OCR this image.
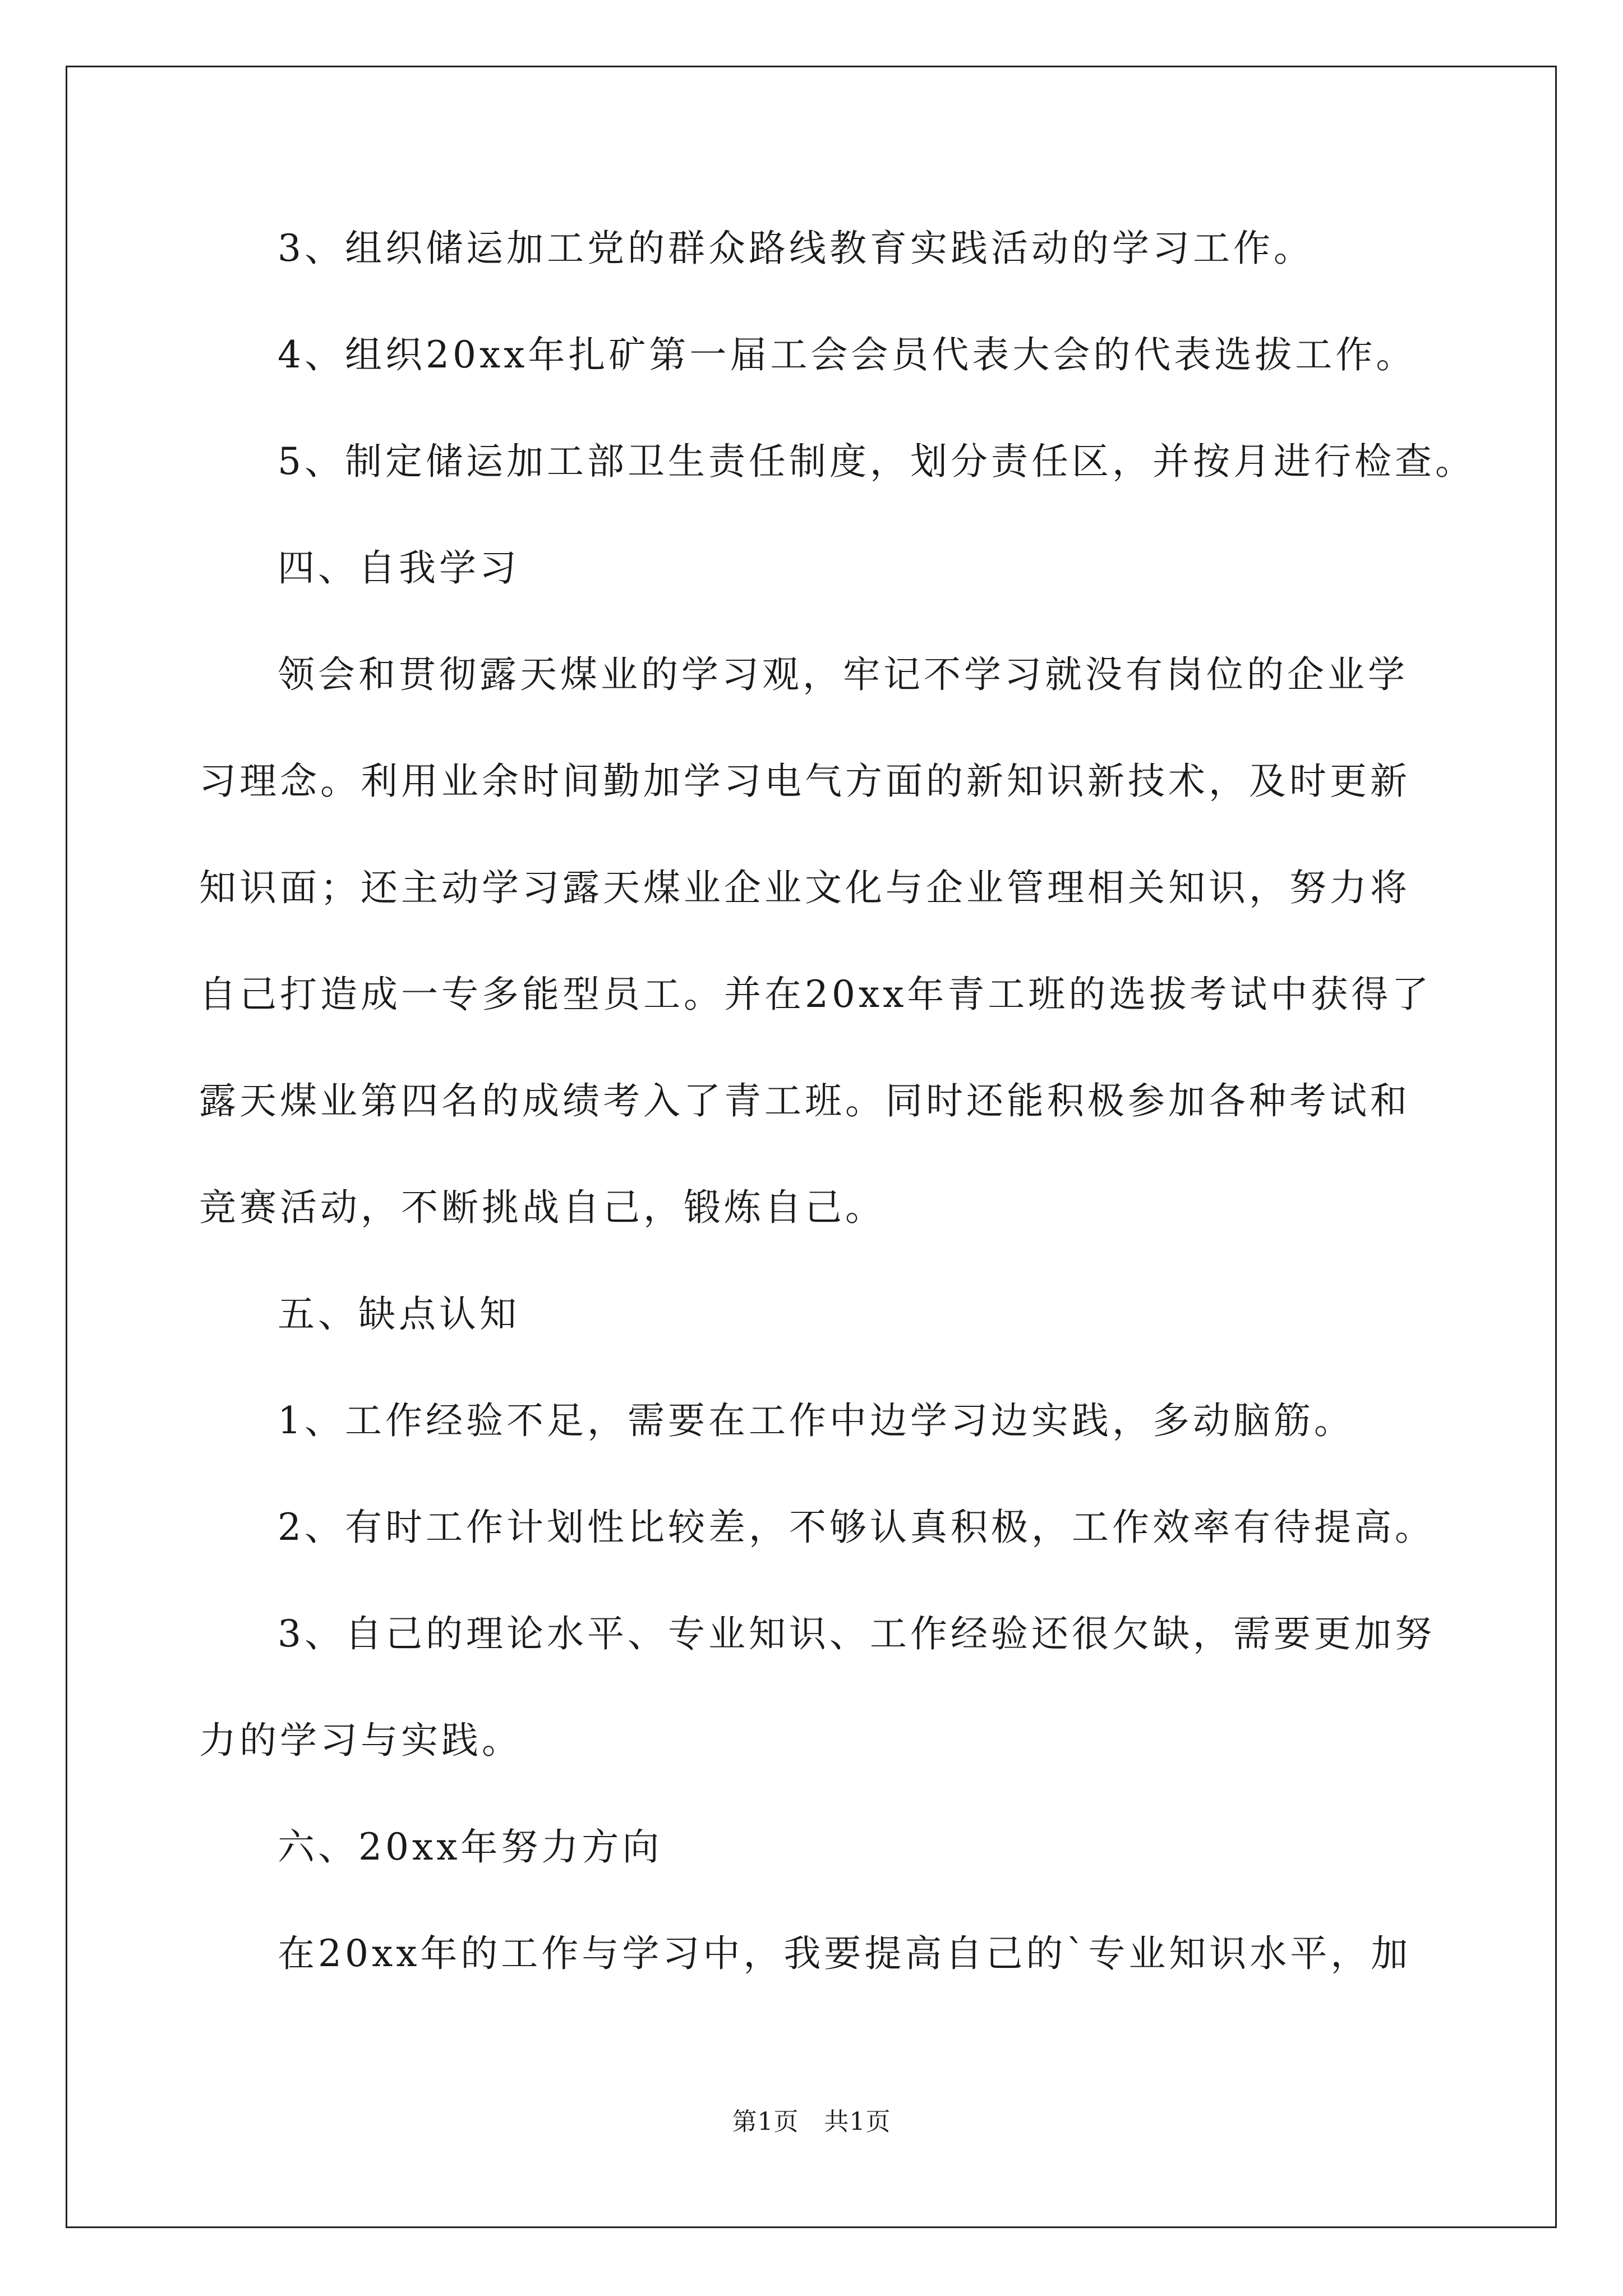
3、组织储运加工党的群众路线教育实践活动的学习工作。
4、组织20xx年扎矿第一届工会会员代表大会的代表选拔工作。
5、制定储运加工部卫生责任制度，划分责任区，并按月进行检查。
四、自我学习
领会和贯彻露天煤业的学习观，牢记不学习就没有岗位的企业学
习理念。利用业余时间勤加学习电气方面的新知识新技术，及时更新
知识面；还主动学习露天煤业企业文化与企业管理相关知识，努力将
自己打造成一专多能型员工。并在20xx年青工班的选拔考试中获得了
露天煤业第四名的成绩考入了青工班。同时还能积极参加各种考试和
竞赛活动，不断挑战自己，锻炼自己。
五、缺点认知
1、工作经验不足，需要在工作中边学习边实践，多动脑筋。
2、有时工作计划性比较差，不够认真积极，工作效率有待提高。
3、自己的理论水平、专业知识、工作经验还很欠缺，需要更加努
力的学习与实践。
六、20xx年努力方向
在20xx年的工作与学习中，我要提高自己的`专业知识水平，加
第1页   共1页
